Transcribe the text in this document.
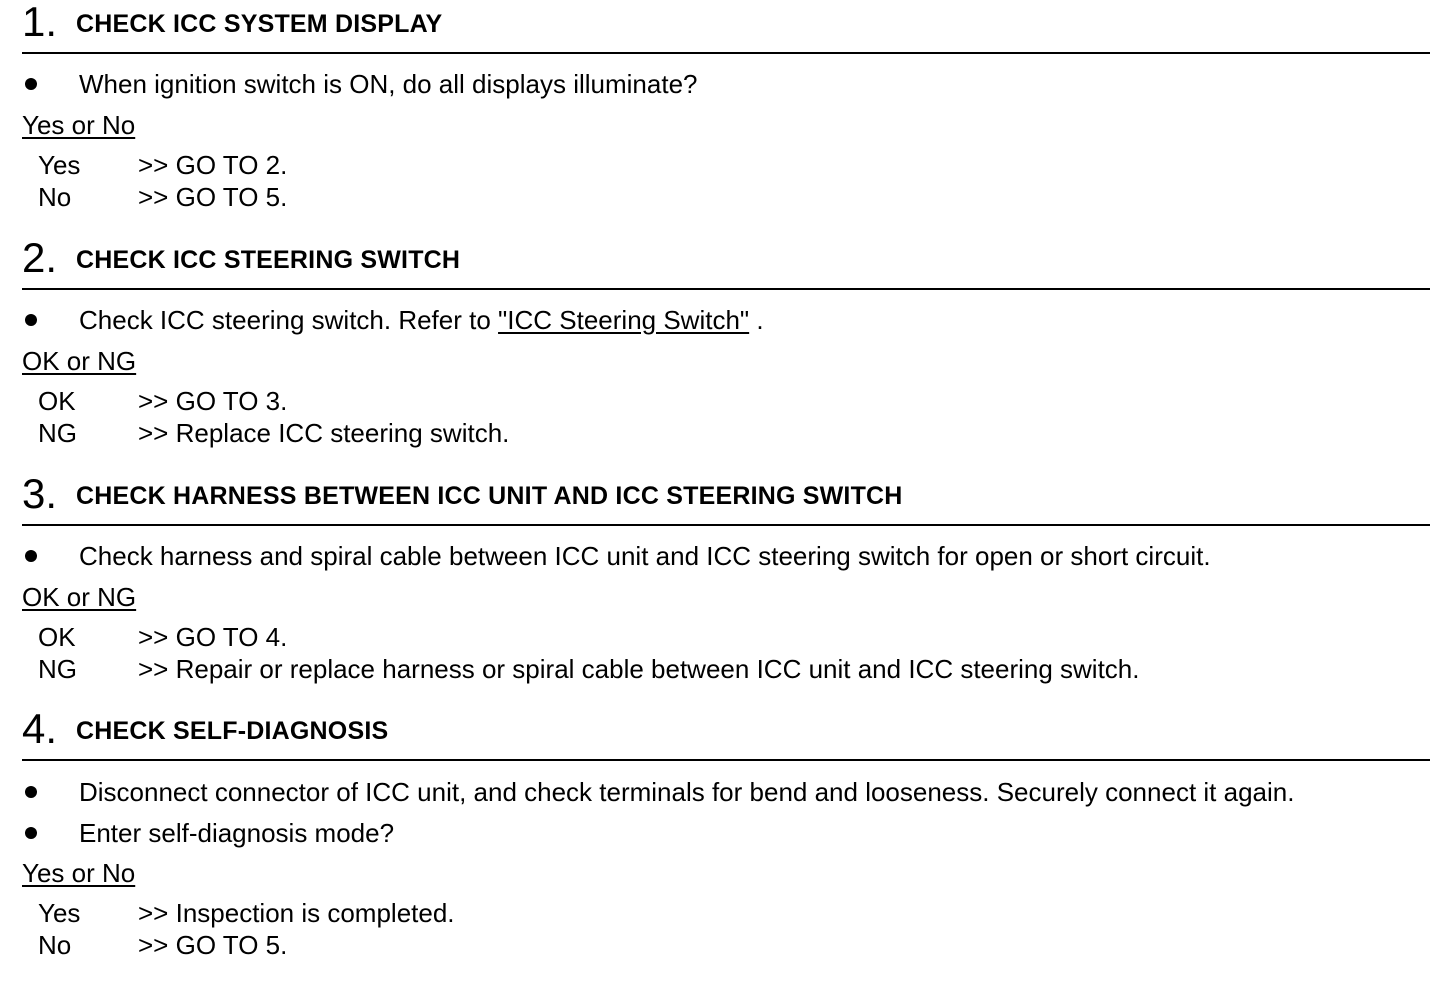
1. CHECK ICC SYSTEM DISPLAY
When ignition switch is ON, do all displays illuminate?
Yes or No
Yes >> GO TO 2.
No	>> GO TO 5.
2. CHECK ICC STEERING SWITCH
Check ICC steering switch. Refer to "ICC Steering Switch" .
OK or NG
OK >> GO TO 3.
NG >> Replace ICC steering switch.
3. CHECK HARNESS BETWEEN ICC UNIT AND ICC STEERING SWITCH
Check harness and spiral cable between ICC unit and ICC steering switch for open or short circuit.
OK or NG
OK >> GO TO 4.
NG >> Repair or replace harness or spiral cable between ICC unit and ICC steering switch.
4. CHECK SELF-DIAGNOSIS
Disconnect connector of ICC unit, and check terminals for bend and looseness. Securely connect it again.
Enter self-diagnosis mode?
Yes or No
Yes >> Inspection is completed.
No	>> GO TO 5.
